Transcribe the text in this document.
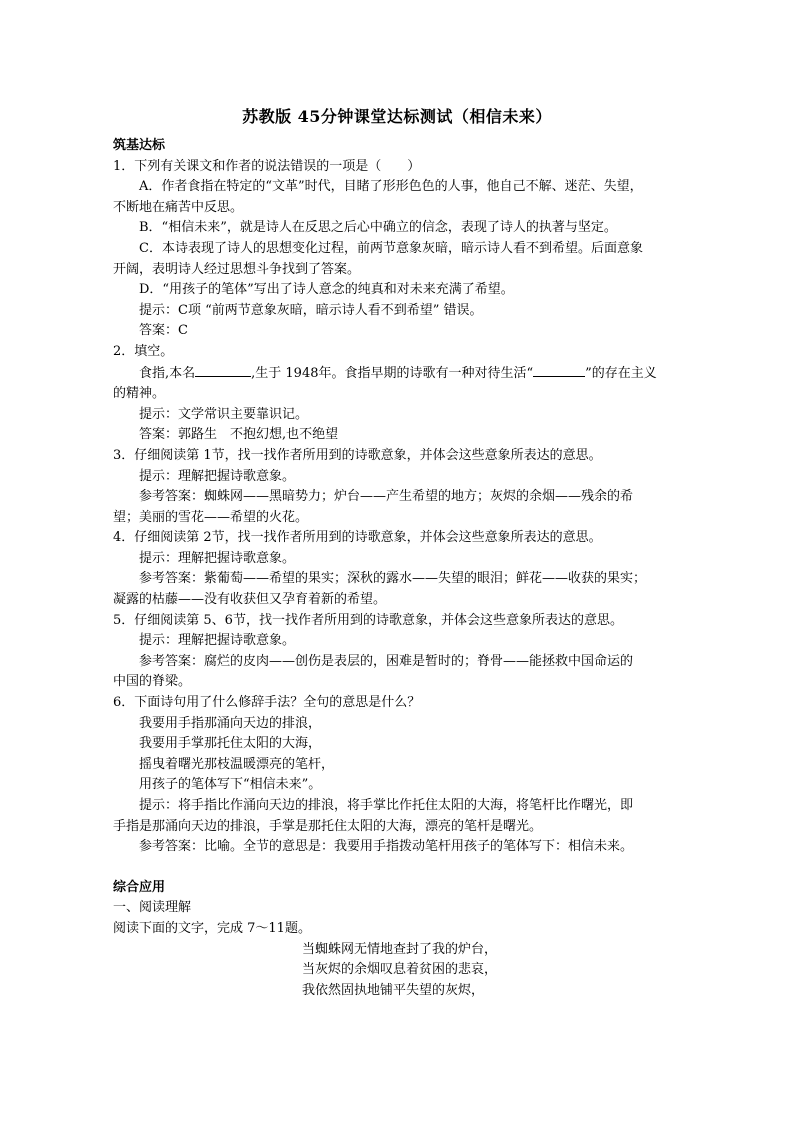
苏教版 45分钟课堂达标测试（相信未来）
筑基达标
1．下列有关课文和作者的说法错误的一项是（　　）
A．作者食指在特定的“文革”时代，目睹了形形色色的人事，他自己不解、迷茫、失望，
不断地在痛苦中反思。
B．“相信未来”，就是诗人在反思之后心中确立的信念，表现了诗人的执著与坚定。
C．本诗表现了诗人的思想变化过程，前两节意象灰暗，暗示诗人看不到希望。后面意象
开阔，表明诗人经过思想斗争找到了答案。
D．“用孩子的笔体”写出了诗人意念的纯真和对未来充满了希望。
提示：C项 “前两节意象灰暗，暗示诗人看不到希望” 错误。
答案：C
2．填空。
食指,本名	,生于 1948年。食指早期的诗歌有一种对待生活“	”的存在主义
的精神。
提示：文学常识主要靠识记。
答案：郭路生　不抱幻想,也不绝望
3．仔细阅读第 1节，找一找作者所用到的诗歌意象，并体会这些意象所表达的意思。
提示：理解把握诗歌意象。
参考答案：蜘蛛网——黑暗势力；炉台——产生希望的地方；灰烬的余烟——残余的希
望；美丽的雪花——希望的火花。
4．仔细阅读第 2节，找一找作者所用到的诗歌意象，并体会这些意象所表达的意思。
提示：理解把握诗歌意象。
参考答案：紫葡萄——希望的果实；深秋的露水——失望的眼泪；鲜花——收获的果实；
凝露的枯藤——没有收获但又孕育着新的希望。
5．仔细阅读第 5、6节，找一找作者所用到的诗歌意象，并体会这些意象所表达的意思。
提示：理解把握诗歌意象。
参考答案：腐烂的皮肉——创伤是表层的，困难是暂时的；脊骨——能拯救中国命运的
中国的脊梁。
6．下面诗句用了什么修辞手法？全句的意思是什么？
我要用手指那涌向天边的排浪，
我要用手掌那托住太阳的大海，
摇曳着曙光那枝温暖漂亮的笔杆，
用孩子的笔体写下“相信未来”。
提示：将手指比作涌向天边的排浪，将手掌比作托住太阳的大海，将笔杆比作曙光，即
手指是那涌向天边的排浪，手掌是那托住太阳的大海，漂亮的笔杆是曙光。
参考答案：比喻。全节的意思是：我要用手指拨动笔杆用孩子的笔体写下：相信未来。
综合应用
一、阅读理解
阅读下面的文字，完成 7～11题。
当蜘蛛网无情地查封了我的炉台，
当灰烬的余烟叹息着贫困的悲哀，
我依然固执地铺平失望的灰烬，
